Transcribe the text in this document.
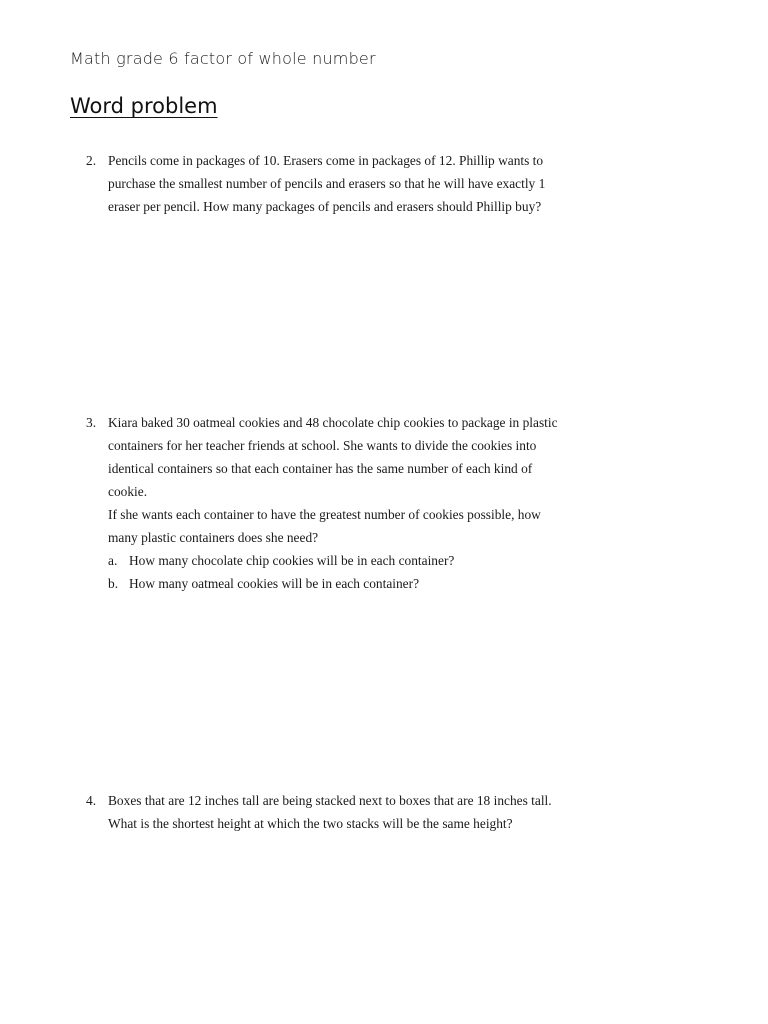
Math grade 6 factor of whole number
Word problem
2. Pencils come in packages of 10. Erasers come in packages of 12. Phillip wants to
purchase the smallest number of pencils and erasers so that he will have exactly 1
eraser per pencil. How many packages of pencils and erasers should Phillip buy?
3. Kiara baked 30 oatmeal cookies and 48 chocolate chip cookies to package in plastic
containers for her teacher friends at school. She wants to divide the cookies into
identical containers so that each container has the same number of each kind of
cookie.
If she wants each container to have the greatest number of cookies possible, how
many plastic containers does she need?
a. How many chocolate chip cookies will be in each container?
b. How many oatmeal cookies will be in each container?
4. Boxes that are 12 inches tall are being stacked next to boxes that are 18 inches tall.
What is the shortest height at which the two stacks will be the same height?
